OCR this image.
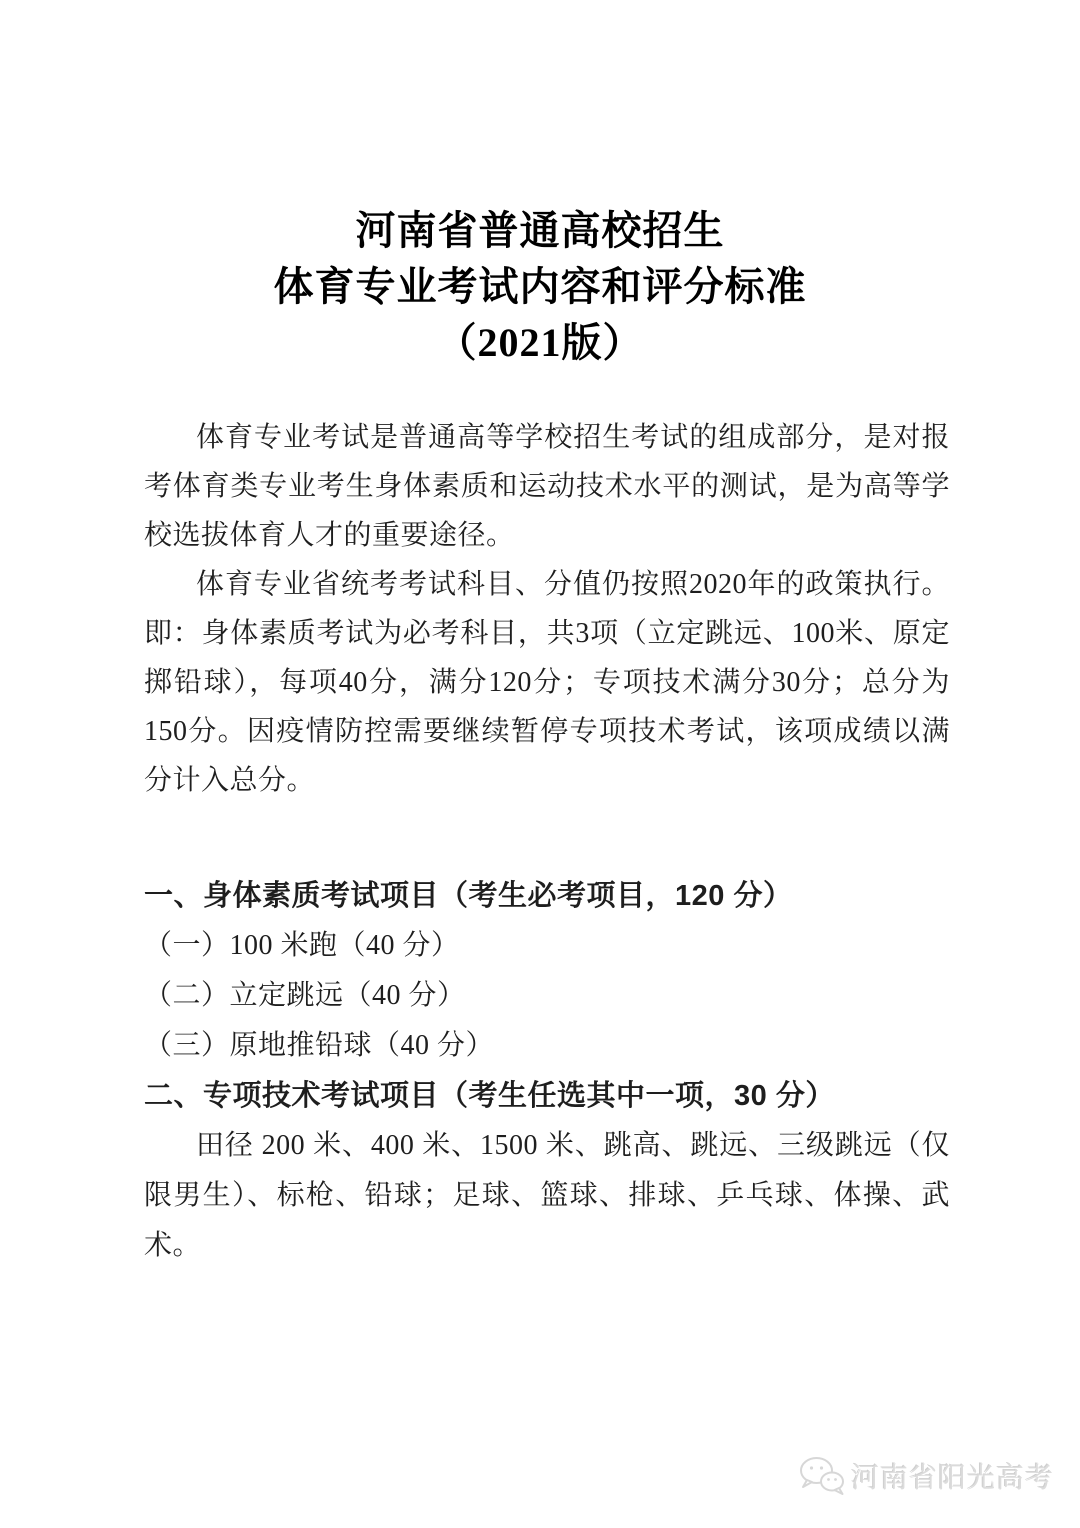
河南省普通高校招生
体育专业考试内容和评分标准
（2021版）

体育专业考试是普通高等学校招生考试的组成部分，是对报考体育类专业考生身体素质和运动技术水平的测试，是为高等学校选拔体育人才的重要途径。

体育专业省统考考试科目、分值仍按照2020年的政策执行。即：身体素质考试为必考科目，共3项（立定跳远、100米、原定掷铅球），每项40分，满分120分；专项技术满分30分；总分为150分。因疫情防控需要继续暂停专项技术考试，该项成绩以满分计入总分。

一、身体素质考试项目（考生必考项目，120 分）

（一）100 米跑（40 分）

（二）立定跳远（40 分）

（三）原地推铅球（40 分）

二、专项技术考试项目（考生任选其中一项，30 分）

田径 200 米、400 米、1500 米、跳高、跳远、三级跳远（仅限男生）、标枪、铅球；足球、篮球、排球、乒乓球、体操、武术。

河南省阳光高考
